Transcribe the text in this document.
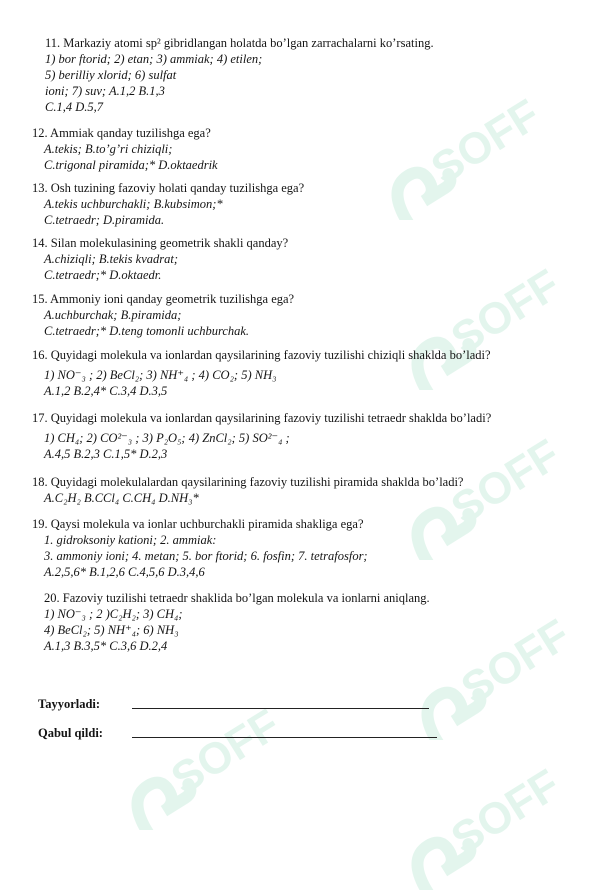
SOFF
SOFF
SOFF
SOFF
SOFF
SOFF
11. Markaziy atomi sp² gibridlangan holatda bo’lgan zarrachalarni ko’rsating.
1) bor ftorid; 2) etan; 3) ammiak; 4) etilen;
5) berilliy xlorid; 6) sulfat
ioni; 7) suv; A.1,2 B.1,3
C.1,4 D.5,7
12. Ammiak qanday tuzilishga ega?
A.tekis; B.to’g’ri chiziqli;
C.trigonal piramida;* D.oktaedrik
13. Osh tuzining fazoviy holati qanday tuzilishga ega?
A.tekis uchburchakli; B.kubsimon;*
C.tetraedr; D.piramida.
14. Silan molekulasining geometrik shakli qanday?
A.chiziqli; B.tekis kvadrat;
C.tetraedr;* D.oktaedr.
15. Ammoniy ioni qanday geometrik tuzilishga ega?
A.uchburchak; B.piramida;
C.tetraedr;* D.teng tomonli uchburchak.
16. Quyidagi molekula va ionlardan qaysilarining fazoviy tuzilishi chiziqli shaklda bo’ladi?
1) NO⁻₃ ; 2) BeCl₂; 3) NH⁺₄ ; 4) CO₂; 5) NH₃
A.1,2 B.2,4* C.3,4 D.3,5
17. Quyidagi molekula va ionlardan qaysilarining fazoviy tuzilishi tetraedr shaklda bo’ladi?
1) CH₄; 2) CO²⁻₃ ; 3) P₂O₅; 4) ZnCl₂; 5) SO²⁻₄ ;
A.4,5 B.2,3 C.1,5* D.2,3
18. Quyidagi molekulalardan qaysilarining fazoviy tuzilishi piramida shaklda bo’ladi?
A.C₂H₂ B.CCl₄ C.CH₄ D.NH₃*
19. Qaysi molekula va ionlar uchburchakli piramida shakliga ega?
1. gidroksoniy kationi; 2. ammiak:
3. ammoniy ioni; 4. metan; 5. bor ftorid; 6. fosfin; 7. tetrafosfor;
A.2,5,6* B.1,2,6 C.4,5,6 D.3,4,6
20. Fazoviy tuzilishi tetraedr shaklida bo’lgan molekula va ionlarni aniqlang.
1) NO⁻₃ ; 2 )C₂H₂; 3) CH₄;
4) BeCl₂; 5) NH⁺₄; 6) NH₃
A.1,3 B.3,5* C.3,6 D.2,4
Tayyorladi:
Qabul qildi:
